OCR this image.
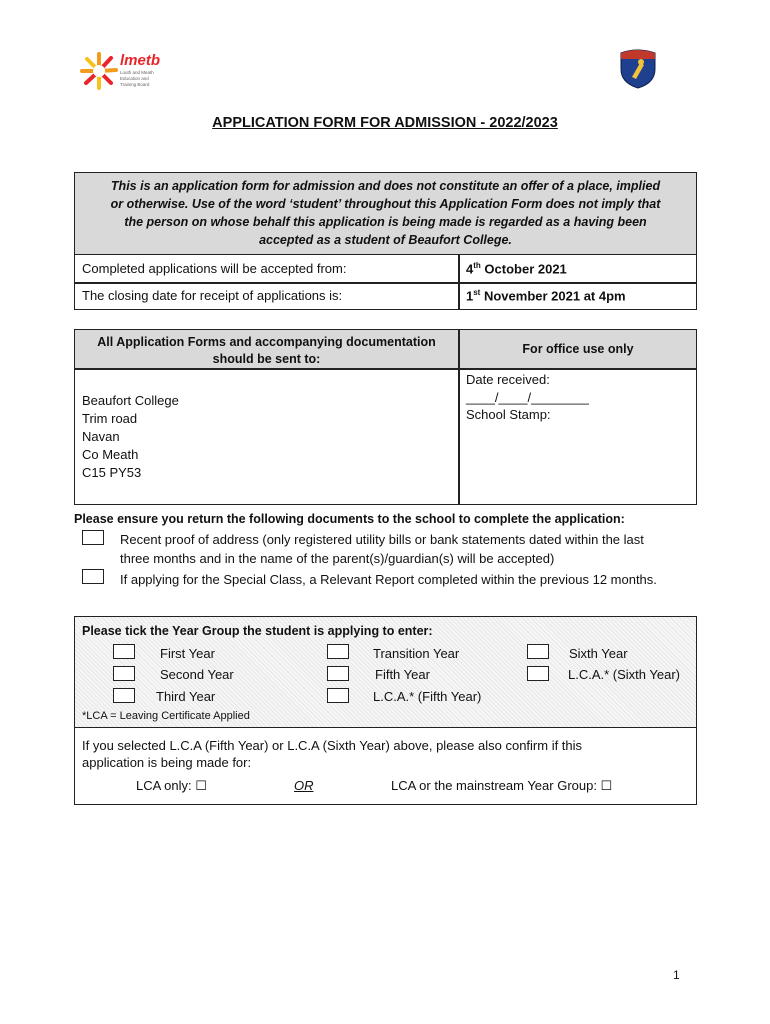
lmetb
Louth and Meath
Education and
Training Board
APPLICATION FORM FOR ADMISSION - 2022/2023
This is an application form for admission and does not constitute an offer of a place, implied
or otherwise. Use of the word ‘student’ throughout this Application Form does not imply that
the person on whose behalf this application is being made is regarded as a having been
accepted as a student of Beaufort College.
Completed applications will be accepted from:	4th October 2021
The closing date for receipt of applications is:	1st November 2021 at 4pm
All Application Forms and accompanying documentation
should be sent to:
For office use only
Beaufort College
Trim road
Navan
Co Meath
C15 PY53
Date received:
____/____/________
School Stamp:
Please ensure you return the following documents to the school to complete the application:
Recent proof of address (only registered utility bills or bank statements dated within the last
three months and in the name of the parent(s)/guardian(s) will be accepted)
If applying for the Special Class, a Relevant Report completed within the previous 12 months.
Please tick the Year Group the student is applying to enter:
First Year
Second Year
Third Year
Transition Year
Fifth Year
L.C.A.* (Fifth Year)
Sixth Year
L.C.A.* (Sixth Year)
*LCA = Leaving Certificate Applied
If you selected L.C.A (Fifth Year) or L.C.A (Sixth Year) above, please also confirm if this
application is being made for:
LCA only: ☐	OR	LCA or the mainstream Year Group: ☐
1
